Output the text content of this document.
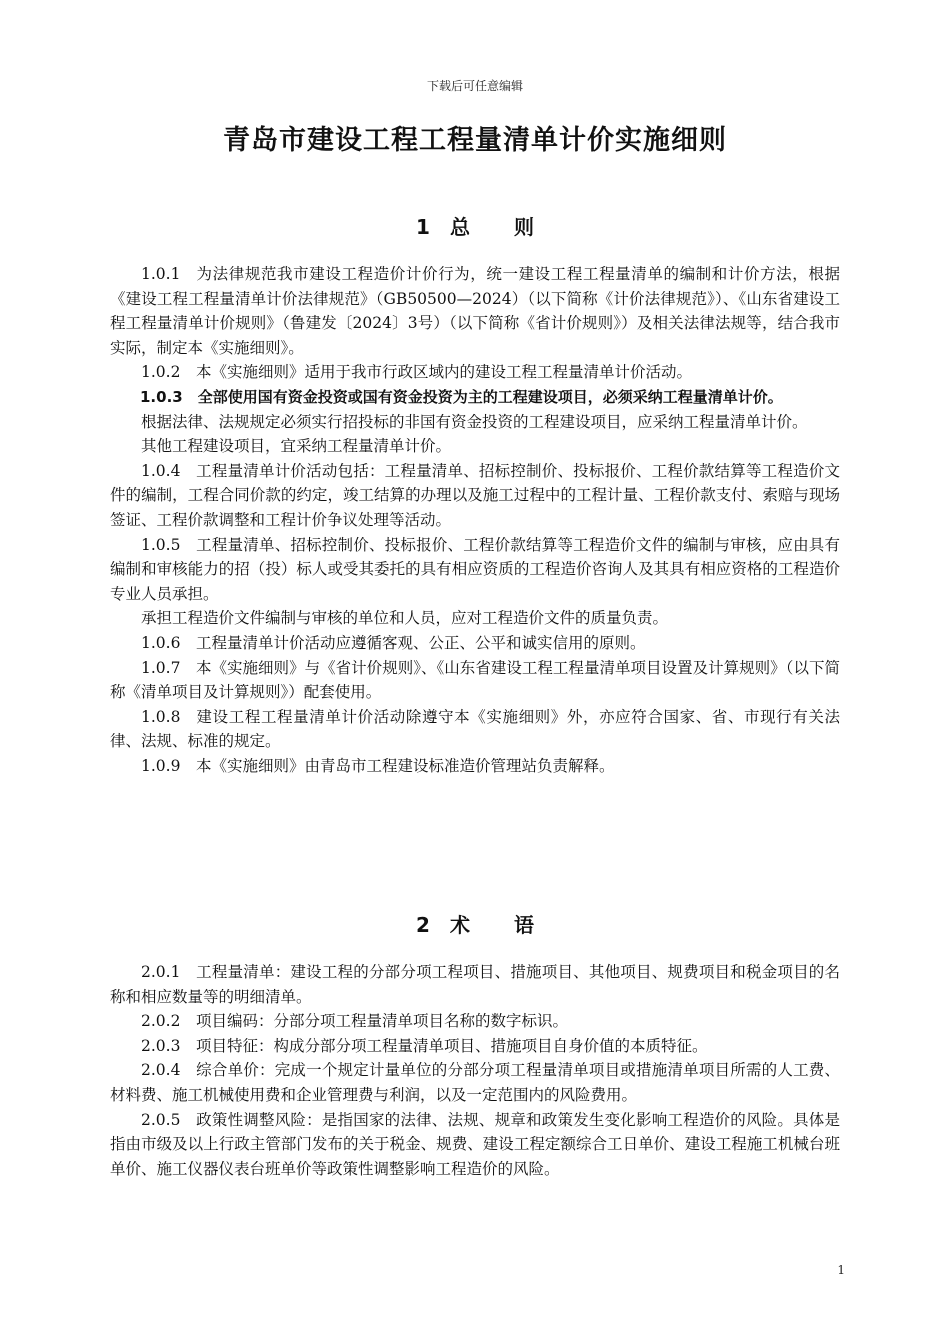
下载后可任意编辑
青岛市建设工程工程量清单计价实施细则
1 总 则

1.0.1 为法律规范我市建设工程造价计价行为，统一建设工程工程量清单的编制和计价方法，根据《建设工程工程量清单计价法律规范》（GB50500—2024）（以下简称《计价法律规范》）、《山东省建设工程工程量清单计价规则》（鲁建发〔2024〕3号）（以下简称《省计价规则》）及相关法律法规等，结合我市实际，制定本《实施细则》。

1.0.2 本《实施细则》适用于我市行政区域内的建设工程工程量清单计价活动。

1.0.3 全部使用国有资金投资或国有资金投资为主的工程建设项目，必须采纳工程量清单计价。

根据法律、法规规定必须实行招投标的非国有资金投资的工程建设项目，应采纳工程量清单计价。

其他工程建设项目，宜采纳工程量清单计价。

1.0.4 工程量清单计价活动包括：工程量清单、招标控制价、投标报价、工程价款结算等工程造价文件的编制，工程合同价款的约定，竣工结算的办理以及施工过程中的工程计量、工程价款支付、索赔与现场签证、工程价款调整和工程计价争议处理等活动。

1.0.5 工程量清单、招标控制价、投标报价、工程价款结算等工程造价文件的编制与审核，应由具有编制和审核能力的招（投）标人或受其委托的具有相应资质的工程造价咨询人及其具有相应资格的工程造价专业人员承担。

承担工程造价文件编制与审核的单位和人员，应对工程造价文件的质量负责。

1.0.6 工程量清单计价活动应遵循客观、公正、公平和诚实信用的原则。

1.0.7 本《实施细则》与《省计价规则》、《山东省建设工程工程量清单项目设置及计算规则》（以下简称《清单项目及计算规则》）配套使用。

1.0.8 建设工程工程量清单计价活动除遵守本《实施细则》外，亦应符合国家、省、市现行有关法律、法规、标准的规定。

1.0.9 本《实施细则》由青岛市工程建设标准造价管理站负责解释。

2 术 语

2.0.1 工程量清单：建设工程的分部分项工程项目、措施项目、其他项目、规费项目和税金项目的名称和相应数量等的明细清单。

2.0.2 项目编码：分部分项工程量清单项目名称的数字标识。

2.0.3 项目特征：构成分部分项工程量清单项目、措施项目自身价值的本质特征。

2.0.4 综合单价：完成一个规定计量单位的分部分项工程量清单项目或措施清单项目所需的人工费、材料费、施工机械使用费和企业管理费与利润，以及一定范围内的风险费用。

2.0.5 政策性调整风险：是指国家的法律、法规、规章和政策发生变化影响工程造价的风险。具体是指由市级及以上行政主管部门发布的关于税金、规费、建设工程定额综合工日单价、建设工程施工机械台班单价、施工仪器仪表台班单价等政策性调整影响工程造价的风险。

1
